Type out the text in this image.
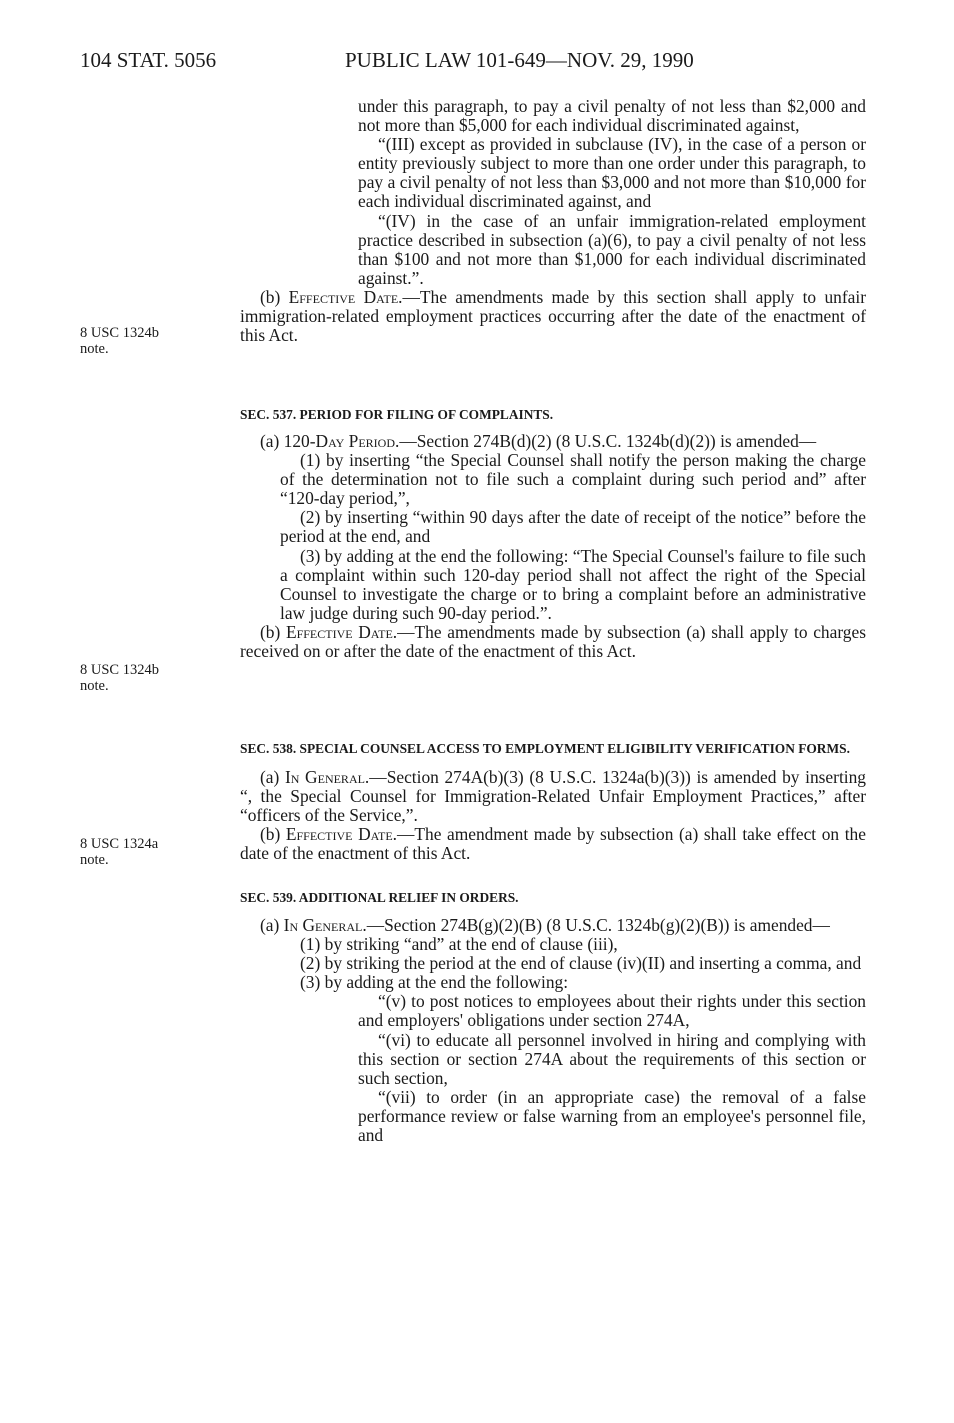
104 STAT. 5056	PUBLIC LAW 101-649—NOV. 29, 1990
8 USC 1324b
note.
8 USC 1324b
note.
8 USC 1324a
note.

under this paragraph, to pay a civil penalty of not less than $2,000 and not more than $5,000 for each individual discriminated against,

“(III) except as provided in subclause (IV), in the case of a person or entity previously subject to more than one order under this paragraph, to pay a civil penalty of not less than $3,000 and not more than $10,000 for each individual discriminated against, and

“(IV) in the case of an unfair immigration-related employment practice described in subsection (a)(6), to pay a civil penalty of not less than $100 and not more than $1,000 for each individual discriminated against.”.

(b) Effective Date.—The amendments made by this section shall apply to unfair immigration-related employment practices occurring after the date of the enactment of this Act.

SEC. 537. PERIOD FOR FILING OF COMPLAINTS.

(a) 120-Day Period.—Section 274B(d)(2) (8 U.S.C. 1324b(d)(2)) is amended—

(1) by inserting “the Special Counsel shall notify the person making the charge of the determination not to file such a complaint during such period and” after “120-day period,”,

(2) by inserting “within 90 days after the date of receipt of the notice” before the period at the end, and

(3) by adding at the end the following: “The Special Counsel's failure to file such a complaint within such 120-day period shall not affect the right of the Special Counsel to investigate the charge or to bring a complaint before an administrative law judge during such 90-day period.”.

(b) Effective Date.—The amendments made by subsection (a) shall apply to charges received on or after the date of the enactment of this Act.

SEC. 538. SPECIAL COUNSEL ACCESS TO EMPLOYMENT ELIGIBILITY VERIFICATION FORMS.

(a) In General.—Section 274A(b)(3) (8 U.S.C. 1324a(b)(3)) is amended by inserting “, the Special Counsel for Immigration-Related Unfair Employment Practices,” after “officers of the Service,”.

(b) Effective Date.—The amendment made by subsection (a) shall take effect on the date of the enactment of this Act.

SEC. 539. ADDITIONAL RELIEF IN ORDERS.

(a) In General.—Section 274B(g)(2)(B) (8 U.S.C. 1324b(g)(2)(B)) is amended—

(1) by striking “and” at the end of clause (iii),

(2) by striking the period at the end of clause (iv)(II) and inserting a comma, and

(3) by adding at the end the following:

“(v) to post notices to employees about their rights under this section and employers' obligations under section 274A,

“(vi) to educate all personnel involved in hiring and complying with this section or section 274A about the requirements of this section or such section,

“(vii) to order (in an appropriate case) the removal of a false performance review or false warning from an employee's personnel file, and
